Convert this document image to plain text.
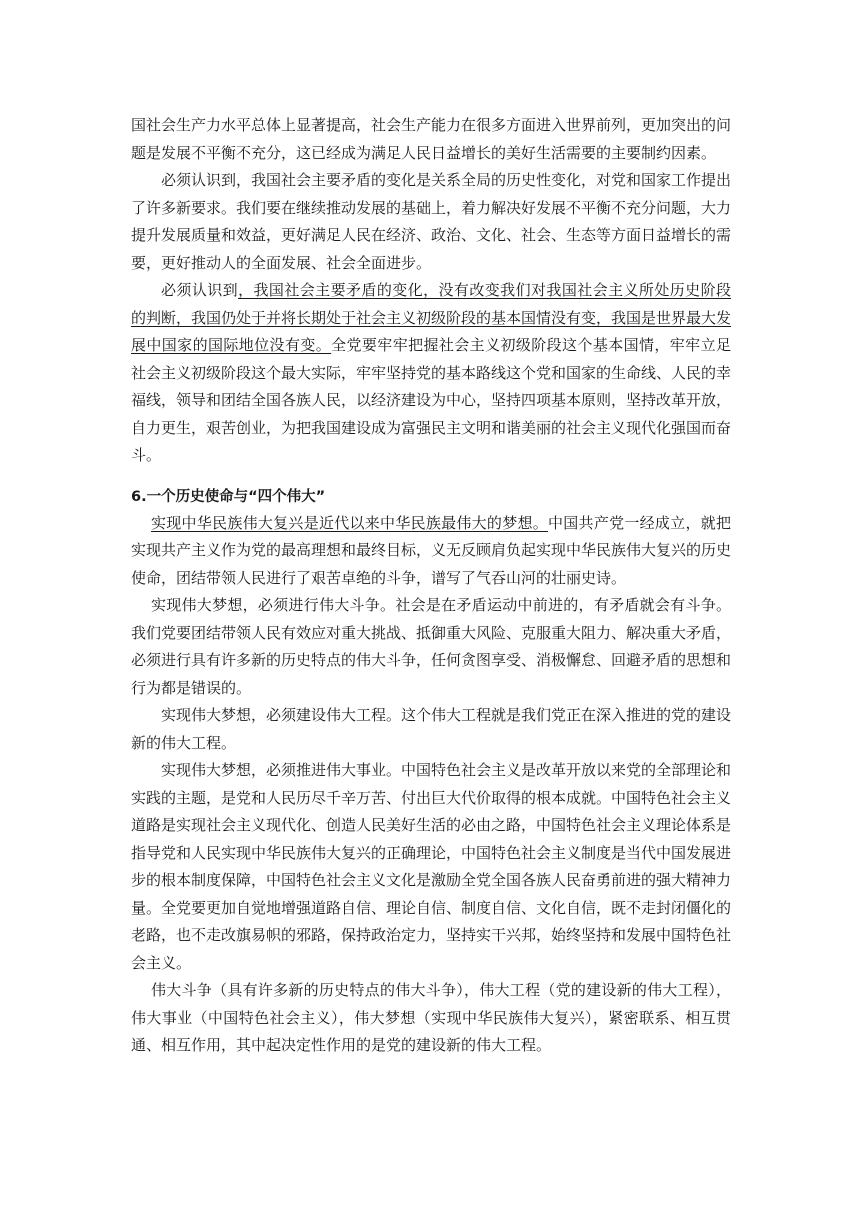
国社会生产力水平总体上显著提高，社会生产能力在很多方面进入世界前列，更加突出的问题是发展不平衡不充分，这已经成为满足人民日益增长的美好生活需要的主要制约因素。

必须认识到，我国社会主要矛盾的变化是关系全局的历史性变化，对党和国家工作提出了许多新要求。我们要在继续推动发展的基础上，着力解决好发展不平衡不充分问题，大力提升发展质量和效益，更好满足人民在经济、政治、文化、社会、生态等方面日益增长的需要，更好推动人的全面发展、社会全面进步。

必须认识到，我国社会主要矛盾的变化，没有改变我们对我国社会主义所处历史阶段的判断，我国仍处于并将长期处于社会主义初级阶段的基本国情没有变，我国是世界最大发展中国家的国际地位没有变。全党要牢牢把握社会主义初级阶段这个基本国情，牢牢立足社会主义初级阶段这个最大实际，牢牢坚持党的基本路线这个党和国家的生命线、人民的幸福线，领导和团结全国各族人民，以经济建设为中心，坚持四项基本原则，坚持改革开放，自力更生，艰苦创业，为把我国建设成为富强民主文明和谐美丽的社会主义现代化强国而奋斗。

6.一个历史使命与“四个伟大”

实现中华民族伟大复兴是近代以来中华民族最伟大的梦想。中国共产党一经成立，就把实现共产主义作为党的最高理想和最终目标，义无反顾肩负起实现中华民族伟大复兴的历史使命，团结带领人民进行了艰苦卓绝的斗争，谱写了气吞山河的壮丽史诗。

实现伟大梦想，必须进行伟大斗争。社会是在矛盾运动中前进的，有矛盾就会有斗争。我们党要团结带领人民有效应对重大挑战、抵御重大风险、克服重大阻力、解决重大矛盾，必须进行具有许多新的历史特点的伟大斗争，任何贪图享受、消极懈怠、回避矛盾的思想和行为都是错误的。

实现伟大梦想，必须建设伟大工程。这个伟大工程就是我们党正在深入推进的党的建设新的伟大工程。

实现伟大梦想，必须推进伟大事业。中国特色社会主义是改革开放以来党的全部理论和实践的主题，是党和人民历尽千辛万苦、付出巨大代价取得的根本成就。中国特色社会主义道路是实现社会主义现代化、创造人民美好生活的必由之路，中国特色社会主义理论体系是指导党和人民实现中华民族伟大复兴的正确理论，中国特色社会主义制度是当代中国发展进步的根本制度保障，中国特色社会主义文化是激励全党全国各族人民奋勇前进的强大精神力量。全党要更加自觉地增强道路自信、理论自信、制度自信、文化自信，既不走封闭僵化的老路，也不走改旗易帜的邪路，保持政治定力，坚持实干兴邦，始终坚持和发展中国特色社会主义。

伟大斗争（具有许多新的历史特点的伟大斗争），伟大工程（党的建设新的伟大工程），伟大事业（中国特色社会主义），伟大梦想（实现中华民族伟大复兴），紧密联系、相互贯通、相互作用，其中起决定性作用的是党的建设新的伟大工程。
